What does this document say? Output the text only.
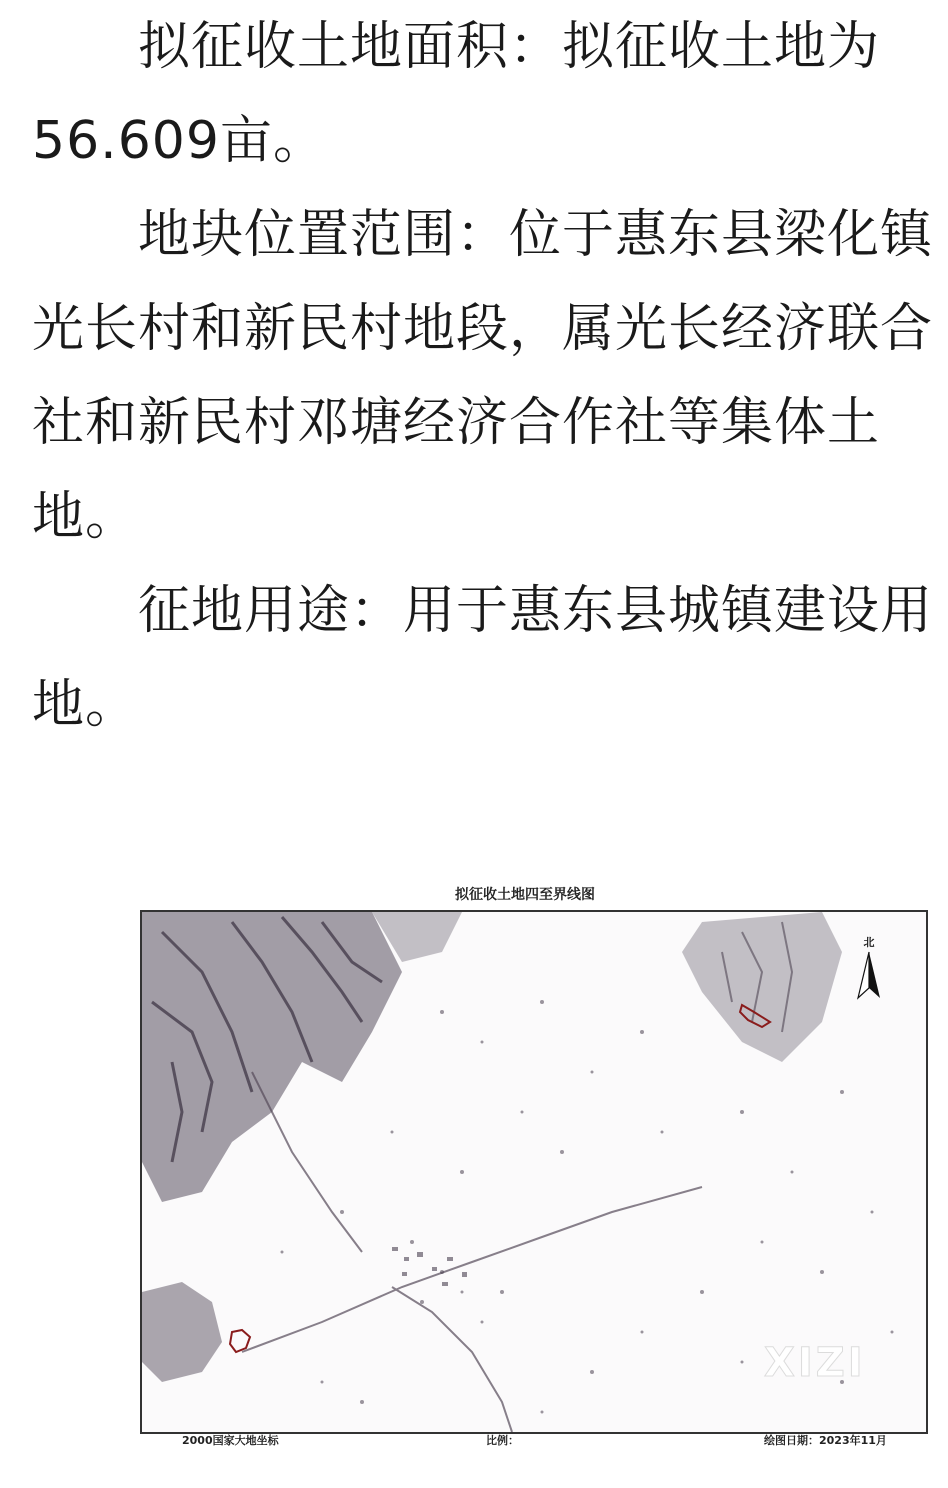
　　拟征收土地面积：拟征收土地为56.609亩。

　　地块位置范围：位于惠东县梁化镇光长村和新民村地段，属光长经济联合社和新民村邓塘经济合作社等集体土地。

　　征地用途：用于惠东县城镇建设用地。

拟征收土地四至界线图
北
XIZI
2000国家大地坐标	比例：	绘图日期：2023年11月
